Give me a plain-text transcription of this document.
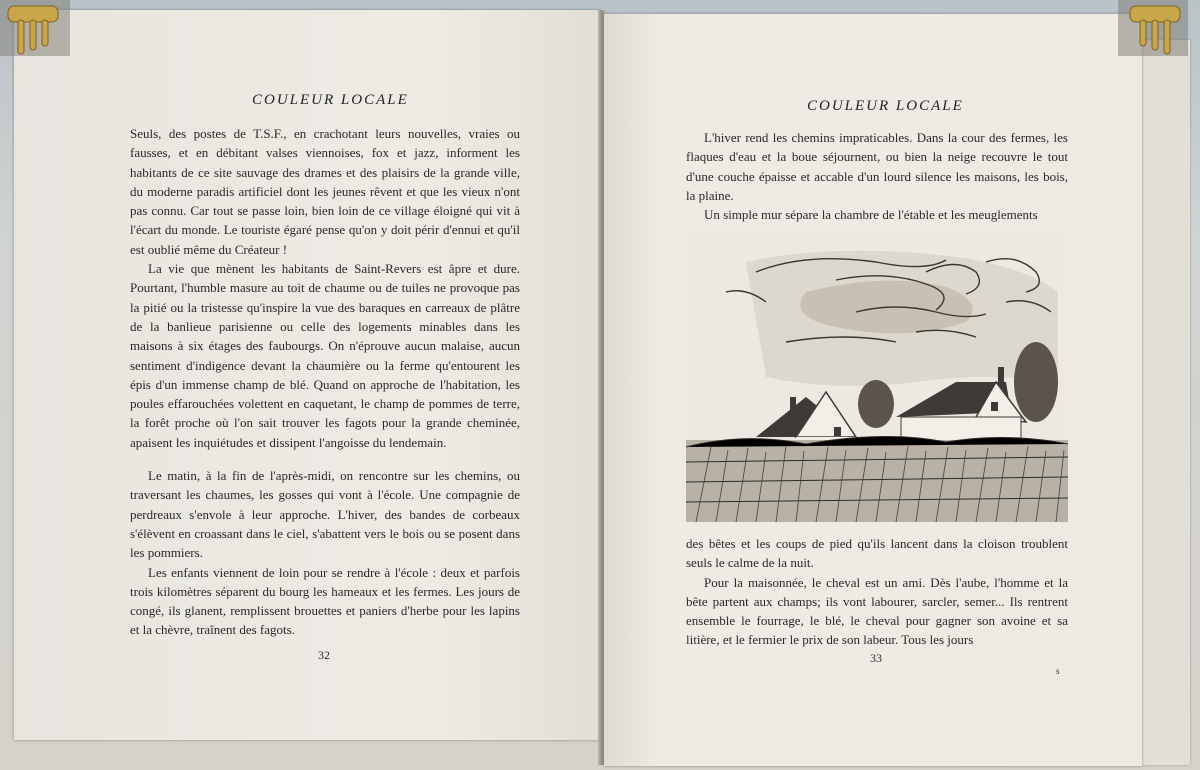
COULEUR LOCALE

Seuls, des postes de T.S.F., en crachotant leurs nouvelles, vraies ou fausses, et en débitant valses viennoises, fox et jazz, informent les habitants de ce site sauvage des drames et des plaisirs de la grande ville, du moderne paradis artificiel dont les jeunes rêvent et que les vieux n'ont pas connu. Car tout se passe loin, bien loin de ce village éloigné qui vit à l'écart du monde. Le touriste égaré pense qu'on y doit périr d'ennui et qu'il est oublié même du Créateur !

La vie que mènent les habitants de Saint-Revers est âpre et dure. Pourtant, l'humble masure au toit de chaume ou de tuiles ne provoque pas la pitié ou la tristesse qu'inspire la vue des baraques en carreaux de plâtre de la banlieue parisienne ou celle des logements minables dans les maisons à six étages des faubourgs. On n'éprouve aucun malaise, aucun sentiment d'indigence devant la chaumière ou la ferme qu'entourent les épis d'un immense champ de blé. Quand on approche de l'habitation, les poules effarouchées volettent en caquetant, le champ de pommes de terre, la forêt proche où l'on sait trouver les fagots pour la grande cheminée, apaisent les inquiétudes et dissipent l'angoisse du lendemain.

Le matin, à la fin de l'après-midi, on rencontre sur les chemins, ou traversant les chaumes, les gosses qui vont à l'école. Une compagnie de perdreaux s'envole à leur approche. L'hiver, des bandes de corbeaux s'élèvent en croassant dans le ciel, s'abattent vers le bois ou se posent dans les pommiers.

Les enfants viennent de loin pour se rendre à l'école : deux et parfois trois kilomètres séparent du bourg les hameaux et les fermes. Les jours de congé, ils glanent, remplissent brouettes et paniers d'herbe pour les lapins et la chèvre, traînent des fagots.

32
COULEUR LOCALE

L'hiver rend les chemins impraticables. Dans la cour des fermes, les flaques d'eau et la boue séjournent, ou bien la neige recouvre le tout d'une couche épaisse et accable d'un lourd silence les maisons, les bois, la plaine.

Un simple mur sépare la chambre de l'étable et les meuglements

des bêtes et les coups de pied qu'ils lancent dans la cloison troublent seuls le calme de la nuit.

Pour la maisonnée, le cheval est un ami. Dès l'aube, l'homme et la bête partent aux champs; ils vont labourer, sarcler, semer... Ils rentrent ensemble le fourrage, le blé, le cheval pour gagner son avoine et sa litière, et le fermier le prix de son labeur. Tous les jours

33
s
